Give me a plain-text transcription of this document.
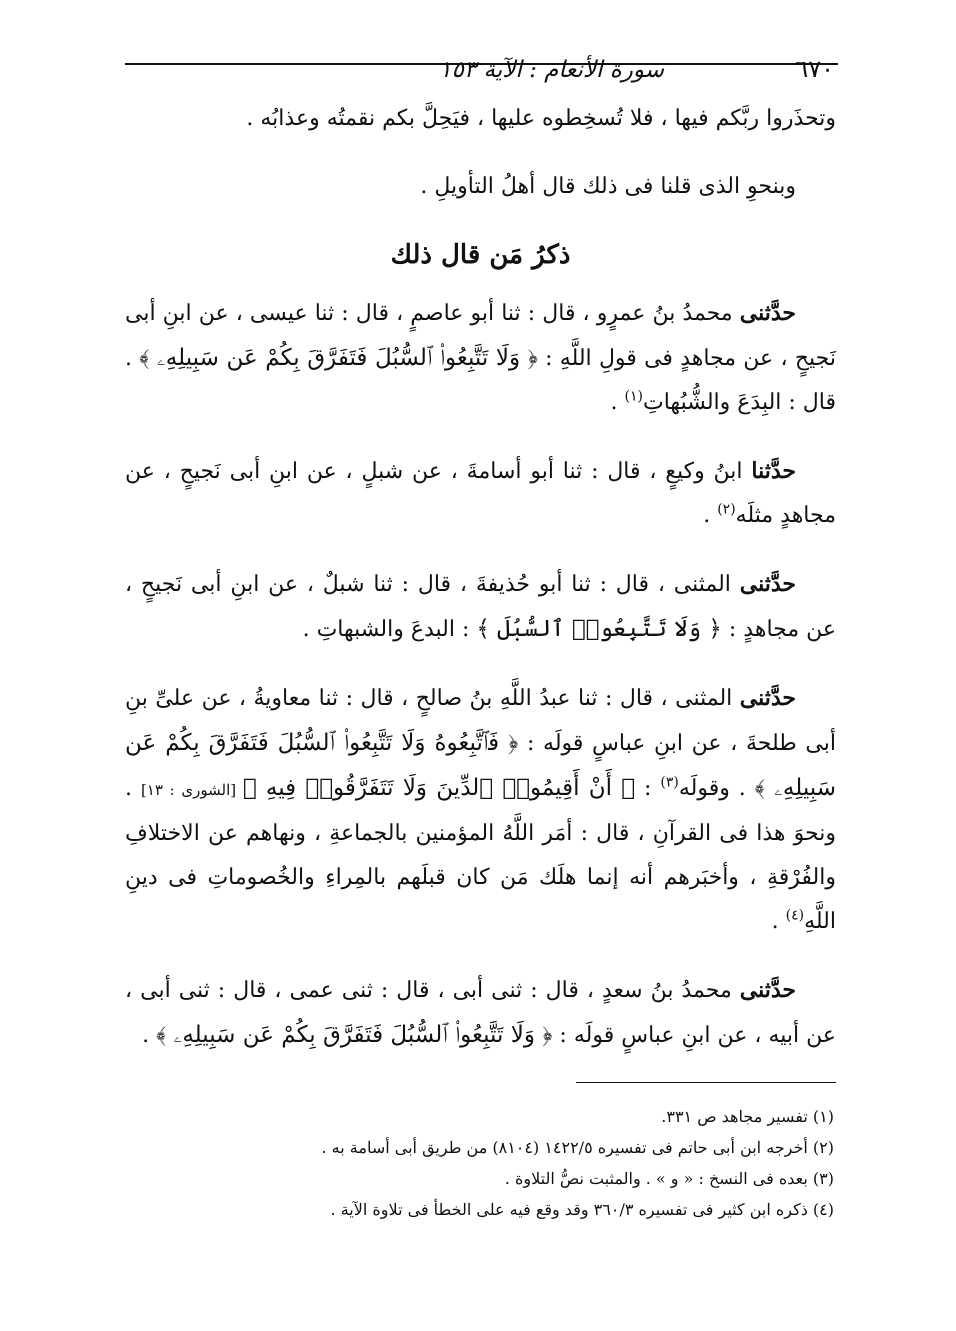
٦٧٠
سورة الأنعام : الآية ١٥٣

وتحذَروا ربَّكم فيها ، فلا تُسخِطوه عليها ، فيَحِلَّ بكم نقمتُه وعذابُه .

وبنحوِ الذى قلنا فى ذلك قال أهلُ التأويلِ .

ذكرُ مَن قال ذلك

حدَّثنى محمدُ بنُ عمرٍو ، قال : ثنا أبو عاصمٍ ، قال : ثنا عيسى ، عن ابنِ أبى نَجيحٍ ، عن مجاهدٍ فى قولِ اللَّهِ : ﴿ وَلَا تَتَّبِعُوا۟ ٱلسُّبُلَ فَتَفَرَّقَ بِكُمْ عَن سَبِيلِهِۦ ﴾ . قال : البِدَعَ والشُّبُهاتِ$^{(١)}$ .

حدَّثنا ابنُ وكيعٍ ، قال : ثنا أبو أسامةَ ، عن شبلٍ ، عن ابنِ أبى نَجيحٍ ، عن مجاهدٍ مثلَه$^{(٢)}$ .

حدَّثنى المثنى ، قال : ثنا أبو حُذيفةَ ، قال : ثنا شبلٌ ، عن ابنِ أبى نَجيحٍ ، عن مجاهدٍ : ﴿ وَلَا تَتَّبِعُوا۟ ٱلسُّبُلَ ﴾ : البدعَ والشبهاتِ .

حدَّثنى المثنى ، قال : ثنا عبدُ اللَّهِ بنُ صالحٍ ، قال : ثنا معاويةُ ، عن علىِّ بنِ أبى طلحةَ ، عن ابنِ عباسٍ قولَه : ﴿ فَٱتَّبِعُوهُ وَلَا تَتَّبِعُوا۟ ٱلسُّبُلَ فَتَفَرَّقَ بِكُمْ عَن سَبِيلِهِۦ ﴾ . وقولَه$^{(٣)}$ : ﴿ أَنْ أَقِيمُوا۟ ٱلدِّينَ وَلَا تَتَفَرَّقُوا۟ فِيهِ ﴾ [الشورى : ١٣] . ونحوَ هذا فى القرآنِ ، قال : أمَر اللَّهُ المؤمنين بالجماعةِ ، ونهاهم عن الاختلافِ والفُرْقةِ ، وأخبَرهم أنه إنما هلَك مَن كان قبلَهم بالمِراءِ والخُصوماتِ فى دينِ اللَّهِ$^{(٤)}$ .

حدَّثنى محمدُ بنُ سعدٍ ، قال : ثنى أبى ، قال : ثنى عمى ، قال : ثنى أبى ، عن أبيه ، عن ابنِ عباسٍ قولَه : ﴿ وَلَا تَتَّبِعُوا۟ ٱلسُّبُلَ فَتَفَرَّقَ بِكُمْ عَن سَبِيلِهِۦ ﴾ .

(١) تفسير مجاهد ص ٣٣١.

(٢) أخرجه ابن أبى حاتم فى تفسيره ١٤٢٢/٥ (٨١٠٤) من طريق أبى أسامة به .

(٣) بعده فى النسخ : « و » . والمثبت نصُّ التلاوة .

(٤) ذكره ابن كثير فى تفسيره ٣٦٠/٣ وقد وقع فيه على الخطأ فى تلاوة الآية .
